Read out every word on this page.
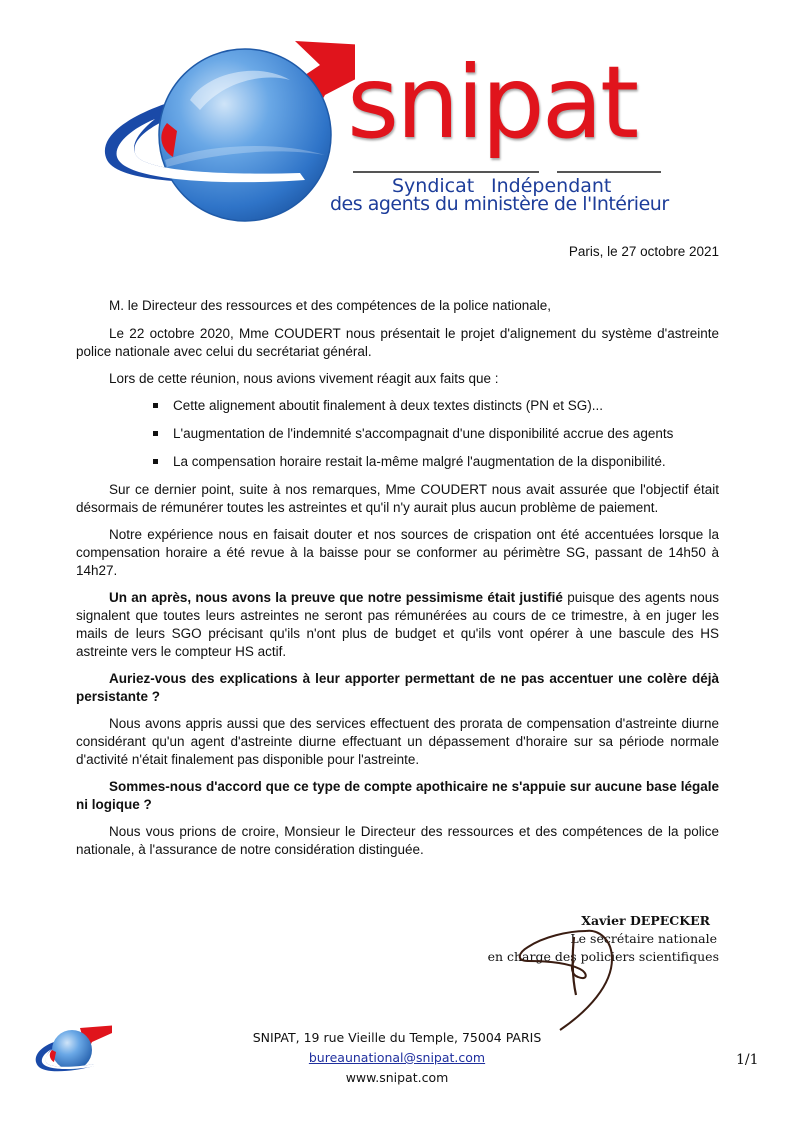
snipat
Syndicat Indépendant
des agents du ministère de l'Intérieur
Paris, le 27 octobre 2021

M. le Directeur des ressources et des compétences de la police nationale,

Le 22 octobre 2020, Mme COUDERT nous présentait le projet d'alignement du système d'astreinte police nationale avec celui du secrétariat général.

Lors de cette réunion, nous avions vivement réagit aux faits que :

Cette alignement aboutit finalement à deux textes distincts (PN et SG)...
L'augmentation de l'indemnité s'accompagnait d'une disponibilité accrue des agents
La compensation horaire restait la-même malgré l'augmentation de la disponibilité.

Sur ce dernier point, suite à nos remarques, Mme COUDERT nous avait assurée que l'objectif était désormais de rémunérer toutes les astreintes et qu'il n'y aurait plus aucun problème de paiement.

Notre expérience nous en faisait douter et nos sources de crispation ont été accentuées lorsque la compensation horaire a été revue à la baisse pour se conformer au périmètre SG, passant de 14h50 à 14h27.

Un an après, nous avons la preuve que notre pessimisme était justifié puisque des agents nous signalent que toutes leurs astreintes ne seront pas rémunérées au cours de ce trimestre, à en juger les mails de leurs SGO précisant qu'ils n'ont plus de budget et qu'ils vont opérer à une bascule des HS astreinte vers le compteur HS actif.

Auriez-vous des explications à leur apporter permettant de ne pas accentuer une colère déjà persistante ?

Nous avons appris aussi que des services effectuent des prorata de compensation d'astreinte diurne considérant qu'un agent d'astreinte diurne effectuant un dépassement d'horaire sur sa période normale d'activité n'était finalement pas disponible pour l'astreinte.

Sommes-nous d'accord que ce type de compte apothicaire ne s'appuie sur aucune base légale ni logique ?

Nous vous prions de croire, Monsieur le Directeur des ressources et des compétences de la police nationale, à l'assurance de notre considération distinguée.

Xavier DEPECKER
Le secrétaire nationale
en charge des policiers scientifiques
SNIPAT, 19 rue Vieille du Temple, 75004 PARIS
bureaunational@snipat.com
www.snipat.com
1/1
